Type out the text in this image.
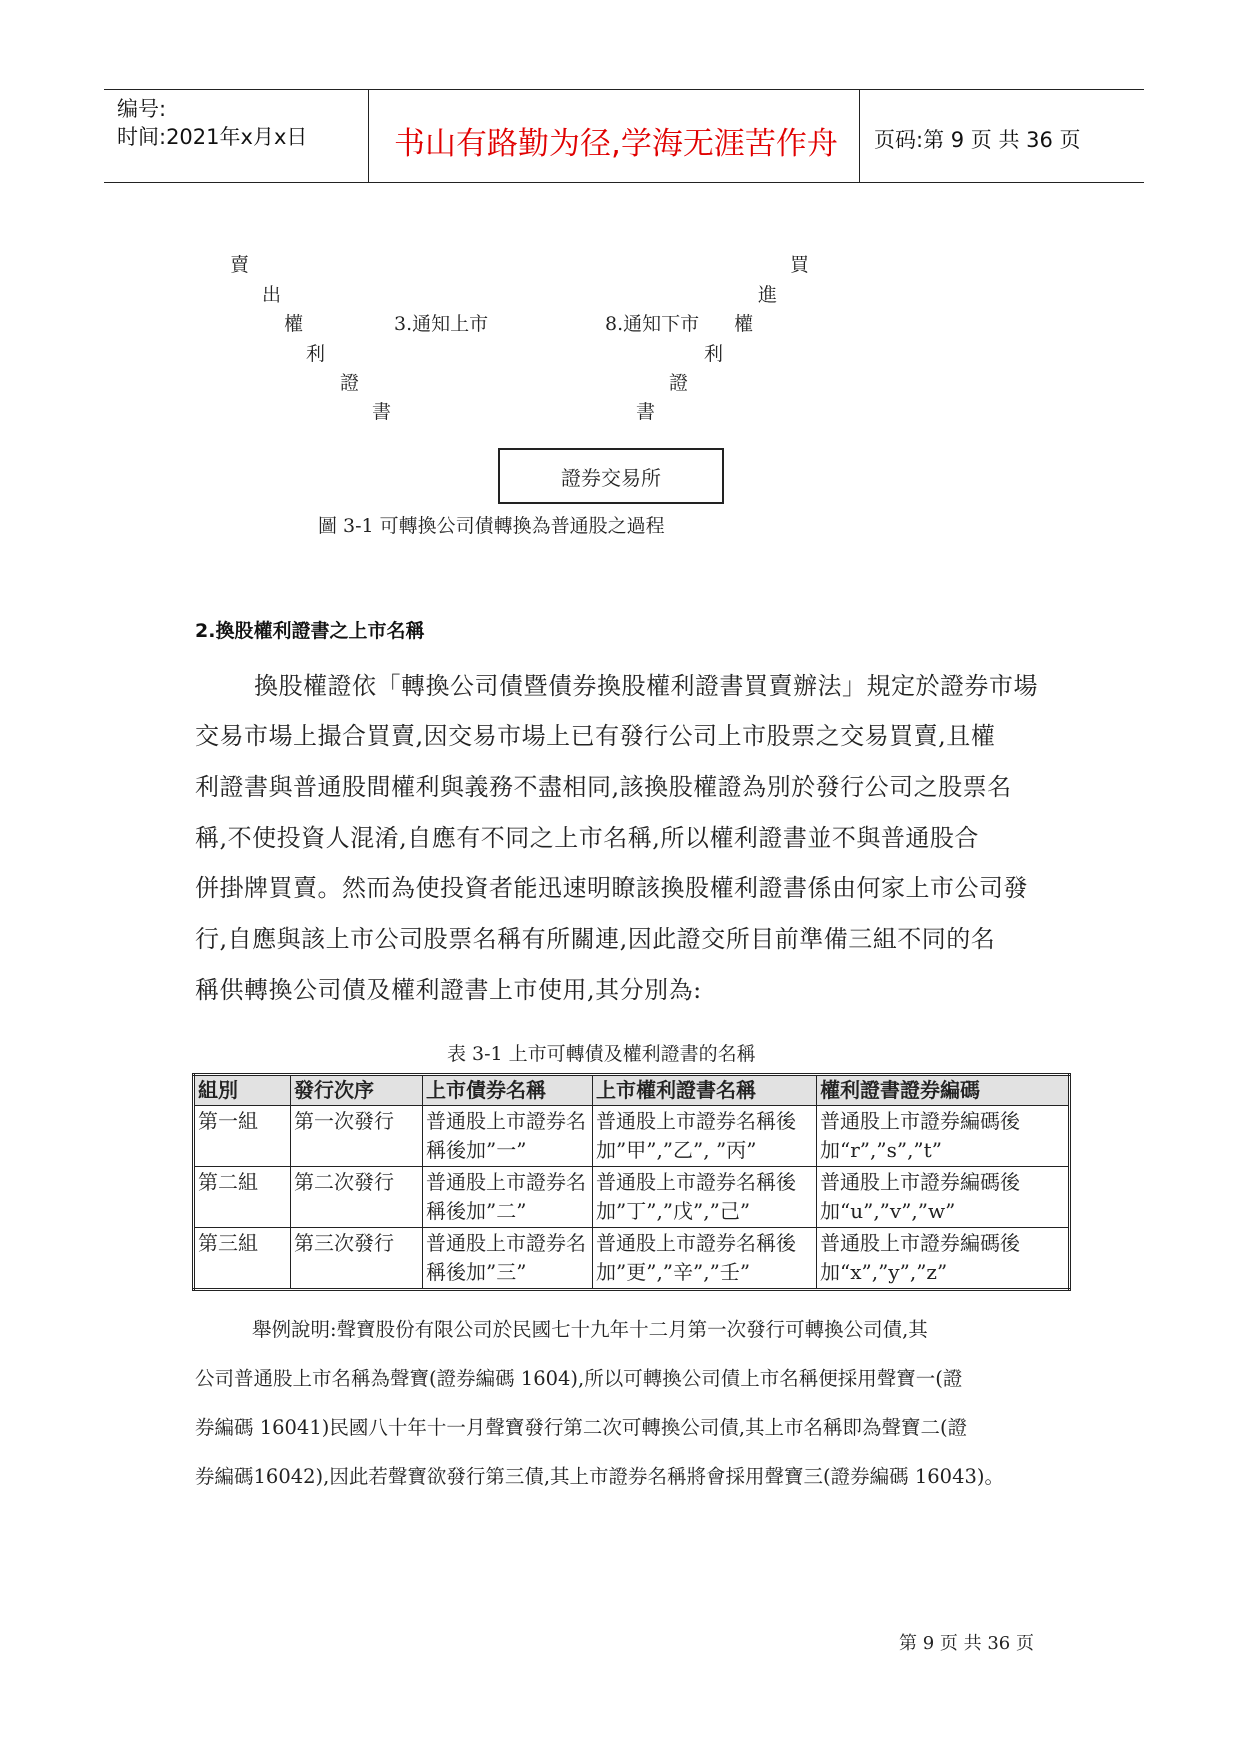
编号:
时间:2021年x月x日	书山有路勤为径,学海无涯苦作舟 页码:第 9 页 共 36 页
賣
出
權
利
證
書
買
進
權
利
證
書
3.通知上市	8.通知下市
證券交易所
圖 3-1 可轉換公司債轉換為普通股之過程
2.換股權利證書之上市名稱
換股權證依「轉換公司債暨債券換股權利證書買賣辦法」規定於證券市場
交易市場上撮合買賣,因交易市場上已有發行公司上市股票之交易買賣,且權
利證書與普通股間權利與義務不盡相同,該換股權證為別於發行公司之股票名
稱,不使投資人混淆,自應有不同之上市名稱,所以權利證書並不與普通股合
併掛牌買賣。然而為使投資者能迅速明瞭該換股權利證書係由何家上市公司發
行,自應與該上市公司股票名稱有所關連,因此證交所目前準備三組不同的名
稱供轉換公司債及權利證書上市使用,其分別為:
表 3-1 上市可轉債及權利證書的名稱
組別	發行次序	上市債券名稱	上市權利證書名稱	權利證書證券編碼
第一組	第一次發行	普通股上市證券名稱後加”一”	普通股上市證券名稱後加”甲”,”乙”, ”丙”	普通股上市證券編碼後加“r”,”s”,”t”
第二組	第二次發行	普通股上市證券名稱後加”二”	普通股上市證券名稱後加”丁”,”戊”,”己”	普通股上市證券編碼後加“u”,”v”,”w”
第三組	第三次發行	普通股上市證券名稱後加”三”	普通股上市證券名稱後加”更”,”辛”,”壬”	普通股上市證券編碼後加“x”,”y”,”z”
舉例說明:聲寶股份有限公司於民國七十九年十二月第一次發行可轉換公司債,其
公司普通股上市名稱為聲寶(證券編碼 1604),所以可轉換公司債上市名稱便採用聲寶一(證
券編碼 16041)民國八十年十一月聲寶發行第二次可轉換公司債,其上市名稱即為聲寶二(證
券編碼16042),因此若聲寶欲發行第三債,其上市證券名稱將會採用聲寶三(證券編碼 16043)。
第 9 页 共 36 页
